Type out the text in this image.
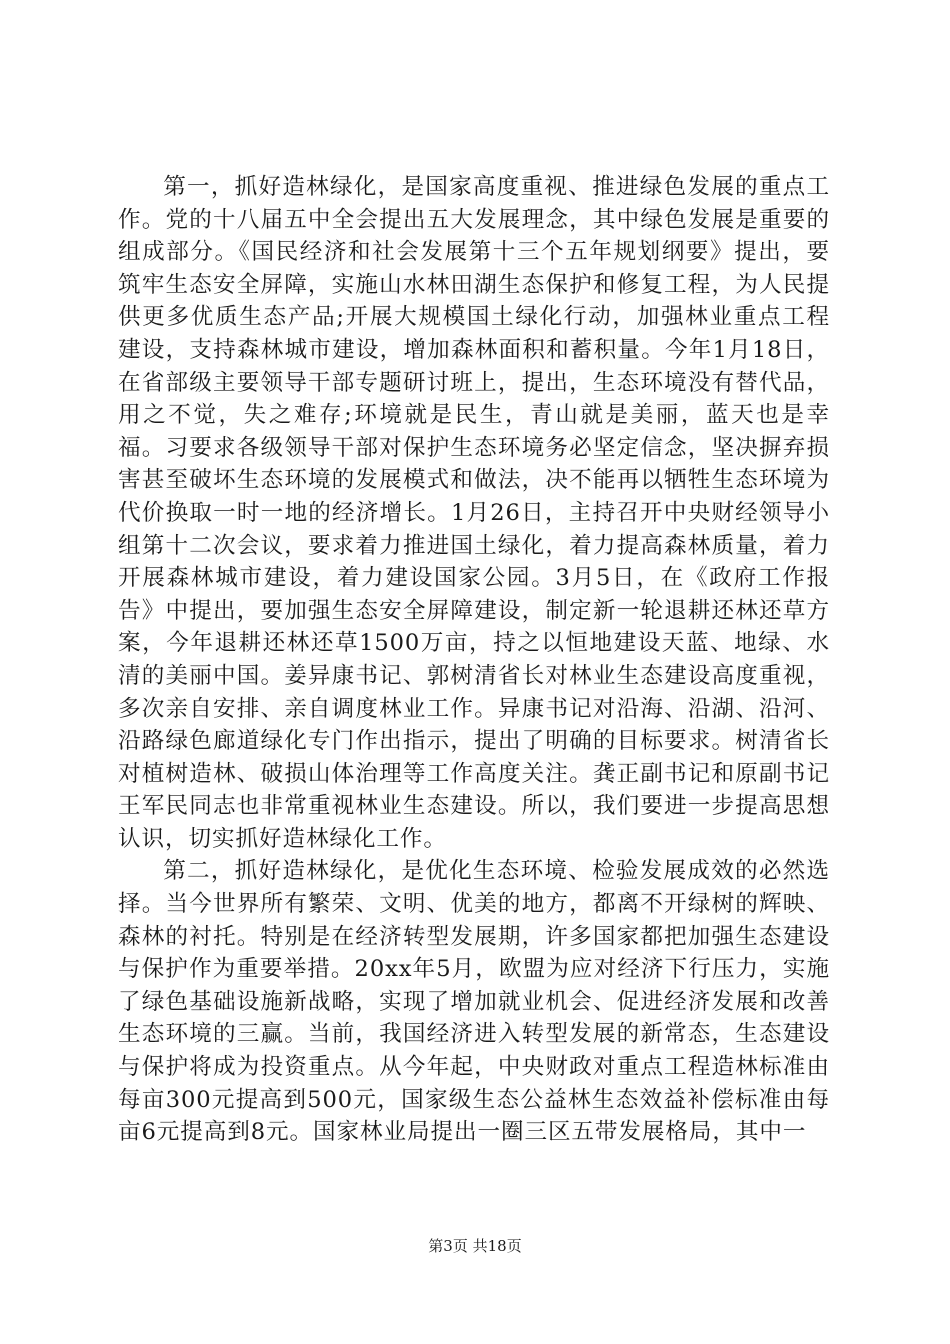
第一，抓好造林绿化，是国家高度重视、推进绿色发展的重点工作。党的十八届五中全会提出五大发展理念，其中绿色发展是重要的组成部分。《国民经济和社会发展第十三个五年规划纲要》提出，要筑牢生态安全屏障，实施山水林田湖生态保护和修复工程，为人民提供更多优质生态产品;开展大规模国土绿化行动，加强林业重点工程建设，支持森林城市建设，增加森林面积和蓄积量。今年1月18日，在省部级主要领导干部专题研讨班上，提出，生态环境没有替代品，用之不觉，失之难存;环境就是民生，青山就是美丽，蓝天也是幸福。习要求各级领导干部对保护生态环境务必坚定信念，坚决摒弃损害甚至破坏生态环境的发展模式和做法，决不能再以牺牲生态环境为代价换取一时一地的经济增长。1月26日，主持召开中央财经领导小组第十二次会议，要求着力推进国土绿化，着力提高森林质量，着力开展森林城市建设，着力建设国家公园。3月5日，在《政府工作报告》中提出，要加强生态安全屏障建设，制定新一轮退耕还林还草方案，今年退耕还林还草1500万亩，持之以恒地建设天蓝、地绿、水清的美丽中国。姜异康书记、郭树清省长对林业生态建设高度重视，多次亲自安排、亲自调度林业工作。异康书记对沿海、沿湖、沿河、沿路绿色廊道绿化专门作出指示，提出了明确的目标要求。树清省长对植树造林、破损山体治理等工作高度关注。龚正副书记和原副书记王军民同志也非常重视林业生态建设。所以，我们要进一步提高思想认识，切实抓好造林绿化工作。

第二，抓好造林绿化，是优化生态环境、检验发展成效的必然选择。当今世界所有繁荣、文明、优美的地方，都离不开绿树的辉映、森林的衬托。特别是在经济转型发展期，许多国家都把加强生态建设与保护作为重要举措。20xx年5月，欧盟为应对经济下行压力，实施了绿色基础设施新战略，实现了增加就业机会、促进经济发展和改善生态环境的三赢。当前，我国经济进入转型发展的新常态，生态建设与保护将成为投资重点。从今年起，中央财政对重点工程造林标准由每亩300元提高到500元，国家级生态公益林生态效益补偿标准由每亩6元提高到8元。国家林业局提出一圈三区五带发展格局，其中一

第3页 共18页
